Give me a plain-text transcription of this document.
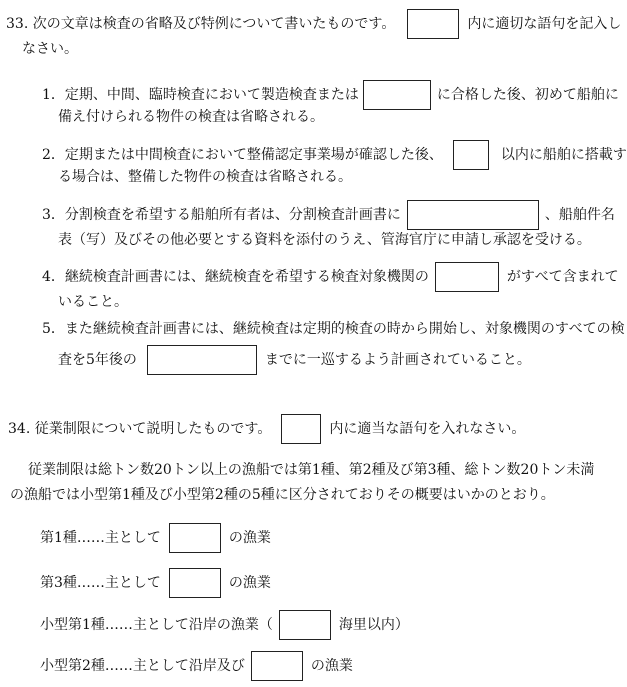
33. 次の文章は検査の省略及び特例について書いたものです。	内に適切な語句を記入し
なさい。
1．定期、中間、臨時検査において製造検査または	に合格した後、初めて船舶に
備え付けられる物件の検査は省略される。
2．定期または中間検査において整備認定事業場が確認した後、	以内に船舶に搭載す
る場合は、整備した物件の検査は省略される。
3．分割検査を希望する船舶所有者は、分割検査計画書に	、船舶件名
表（写）及びその他必要とする資料を添付のうえ、管海官庁に申請し承認を受ける。
4．継続検査計画書には、継続検査を希望する検査対象機関の	がすべて含まれて
いること。
5．また継続検査計画書には、継続検査は定期的検査の時から開始し、対象機関のすべての検
査を5年後の	までに一巡するよう計画されていること。
34. 従業制限について説明したものです。	内に適当な語句を入れなさい。
従業制限は総トン数20トン以上の漁船では第1種、第2種及び第3種、総トン数20トン未満
の漁船では小型第1種及び小型第2種の5種に区分されておりその概要はいかのとおり。
第1種……主として	の漁業
第3種……主として	の漁業
小型第1種……主として沿岸の漁業（	海里以内）
小型第2種……主として沿岸及び	の漁業
